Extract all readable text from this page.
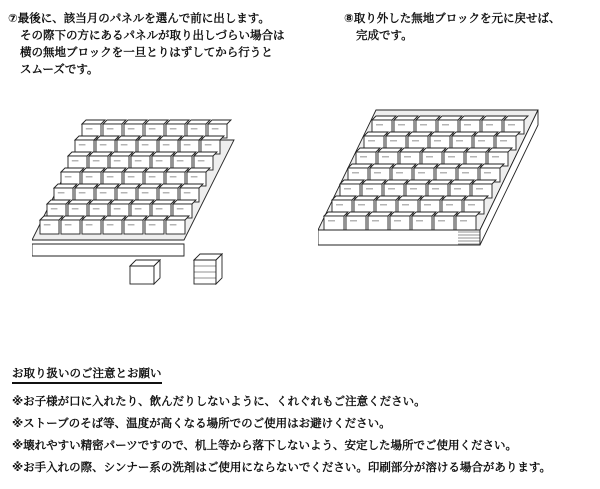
⑦最後に、該当月のパネルを選んで前に出します。

その際下の方にあるパネルが取り出しづらい場合は

横の無地ブロックを一旦とりはずしてから行うと

スムーズです。

⑧取り外した無地ブロックを元に戻せば、

完成です。

お取り扱いのご注意とお願い
※お子様が口に入れたり、飲んだりしないように、くれぐれもご注意ください。
※ストーブのそば等、温度が高くなる場所でのご使用はお避けください。
※壊れやすい精密パーツですので、机上等から落下しないよう、安定した場所でご使用ください。
※お手入れの際、シンナー系の洗剤はご使用にならないでください。印刷部分が溶ける場合があります。
